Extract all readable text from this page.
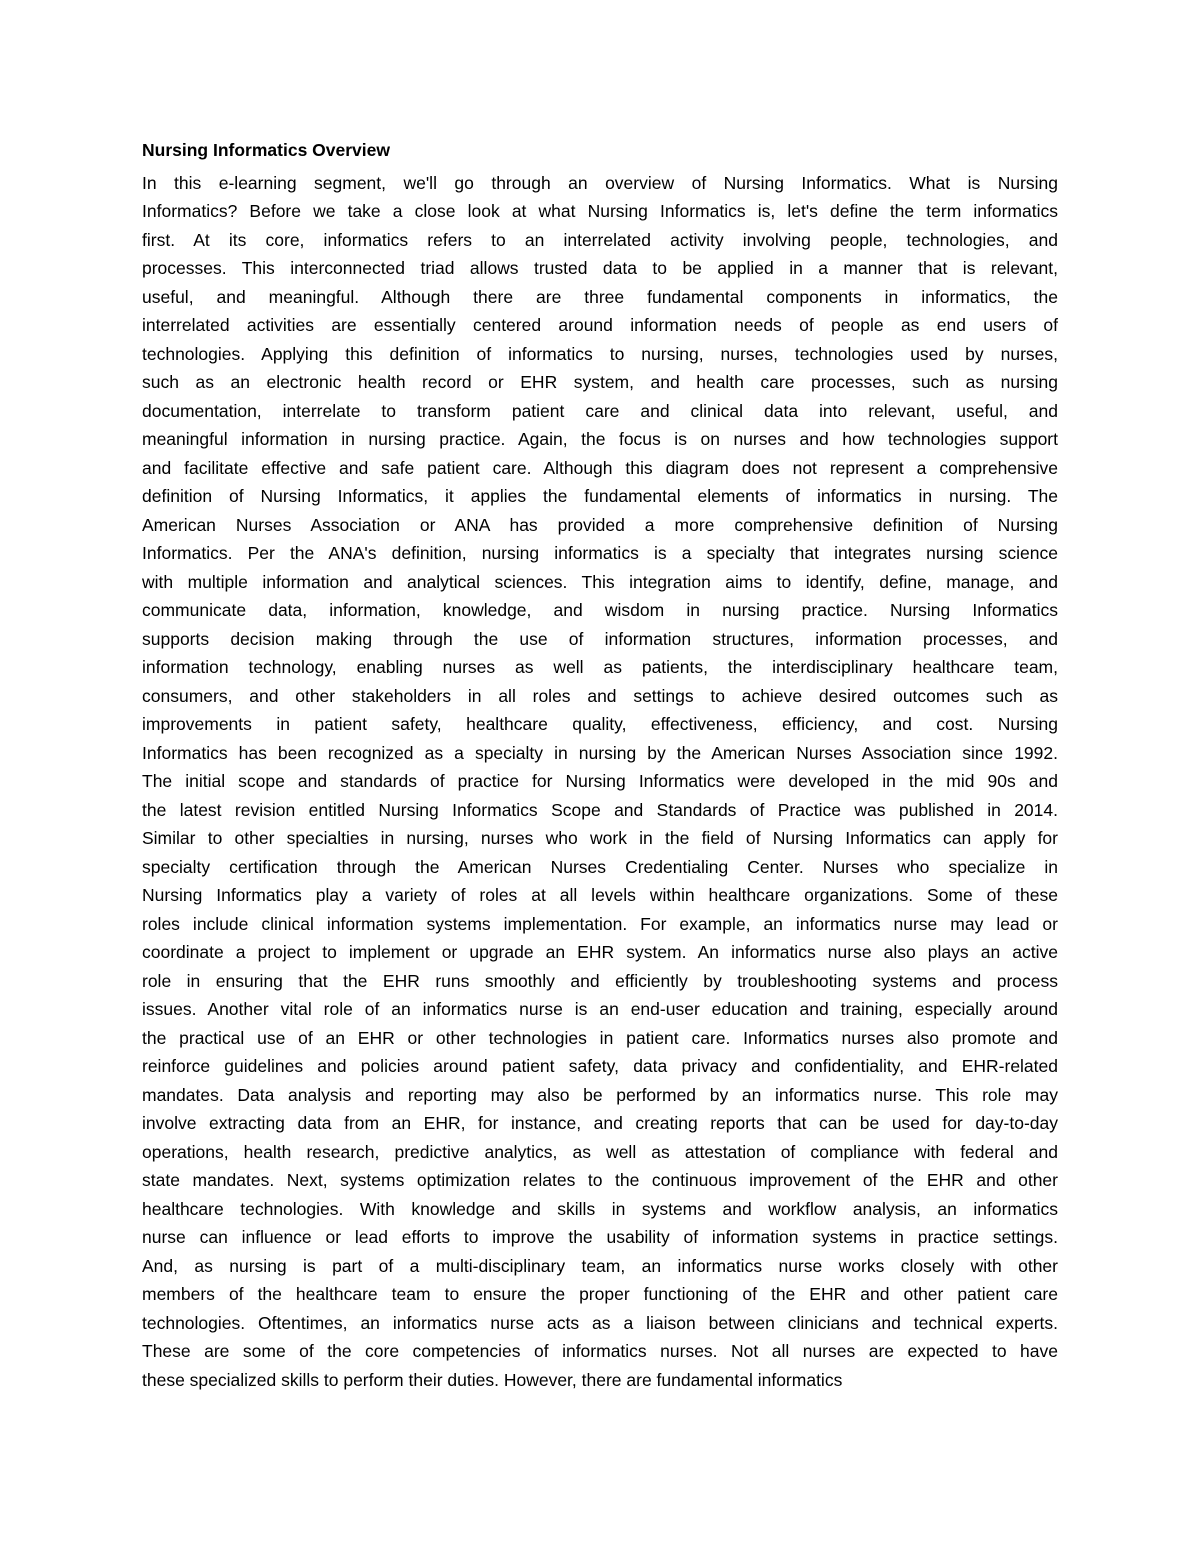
Nursing Informatics Overview
In this e-learning segment, we'll go through an overview of Nursing Informatics. What is Nursing
Informatics? Before we take a close look at what Nursing Informatics is, let's define the term informatics
first. At its core, informatics refers to an interrelated activity involving people, technologies, and
processes. This interconnected triad allows trusted data to be applied in a manner that is relevant,
useful, and meaningful. Although there are three fundamental components in informatics, the
interrelated activities are essentially centered around information needs of people as end users of
technologies. Applying this definition of informatics to nursing, nurses, technologies used by nurses,
such as an electronic health record or EHR system, and health care processes, such as nursing
documentation, interrelate to transform patient care and clinical data into relevant, useful, and
meaningful information in nursing practice. Again, the focus is on nurses and how technologies support
and facilitate effective and safe patient care. Although this diagram does not represent a comprehensive
definition of Nursing Informatics, it applies the fundamental elements of informatics in nursing. The
American Nurses Association or ANA has provided a more comprehensive definition of Nursing
Informatics. Per the ANA's definition, nursing informatics is a specialty that integrates nursing science
with multiple information and analytical sciences. This integration aims to identify, define, manage, and
communicate data, information, knowledge, and wisdom in nursing practice. Nursing Informatics
supports decision making through the use of information structures, information processes, and
information technology, enabling nurses as well as patients, the interdisciplinary healthcare team,
consumers, and other stakeholders in all roles and settings to achieve desired outcomes such as
improvements in patient safety, healthcare quality, effectiveness, efficiency, and cost. Nursing
Informatics has been recognized as a specialty in nursing by the American Nurses Association since 1992.
The initial scope and standards of practice for Nursing Informatics were developed in the mid 90s and
the latest revision entitled Nursing Informatics Scope and Standards of Practice was published in 2014.
Similar to other specialties in nursing, nurses who work in the field of Nursing Informatics can apply for
specialty certification through the American Nurses Credentialing Center. Nurses who specialize in
Nursing Informatics play a variety of roles at all levels within healthcare organizations. Some of these
roles include clinical information systems implementation. For example, an informatics nurse may lead or
coordinate a project to implement or upgrade an EHR system. An informatics nurse also plays an active
role in ensuring that the EHR runs smoothly and efficiently by troubleshooting systems and process
issues. Another vital role of an informatics nurse is an end-user education and training, especially around
the practical use of an EHR or other technologies in patient care. Informatics nurses also promote and
reinforce guidelines and policies around patient safety, data privacy and confidentiality, and EHR-related
mandates. Data analysis and reporting may also be performed by an informatics nurse. This role may
involve extracting data from an EHR, for instance, and creating reports that can be used for day-to-day
operations, health research, predictive analytics, as well as attestation of compliance with federal and
state mandates. Next, systems optimization relates to the continuous improvement of the EHR and other
healthcare technologies. With knowledge and skills in systems and workflow analysis, an informatics
nurse can influence or lead efforts to improve the usability of information systems in practice settings.
And, as nursing is part of a multi-disciplinary team, an informatics nurse works closely with other
members of the healthcare team to ensure the proper functioning of the EHR and other patient care
technologies. Oftentimes, an informatics nurse acts as a liaison between clinicians and technical experts.
These are some of the core competencies of informatics nurses. Not all nurses are expected to have
these specialized skills to perform their duties. However, there are fundamental informatics
